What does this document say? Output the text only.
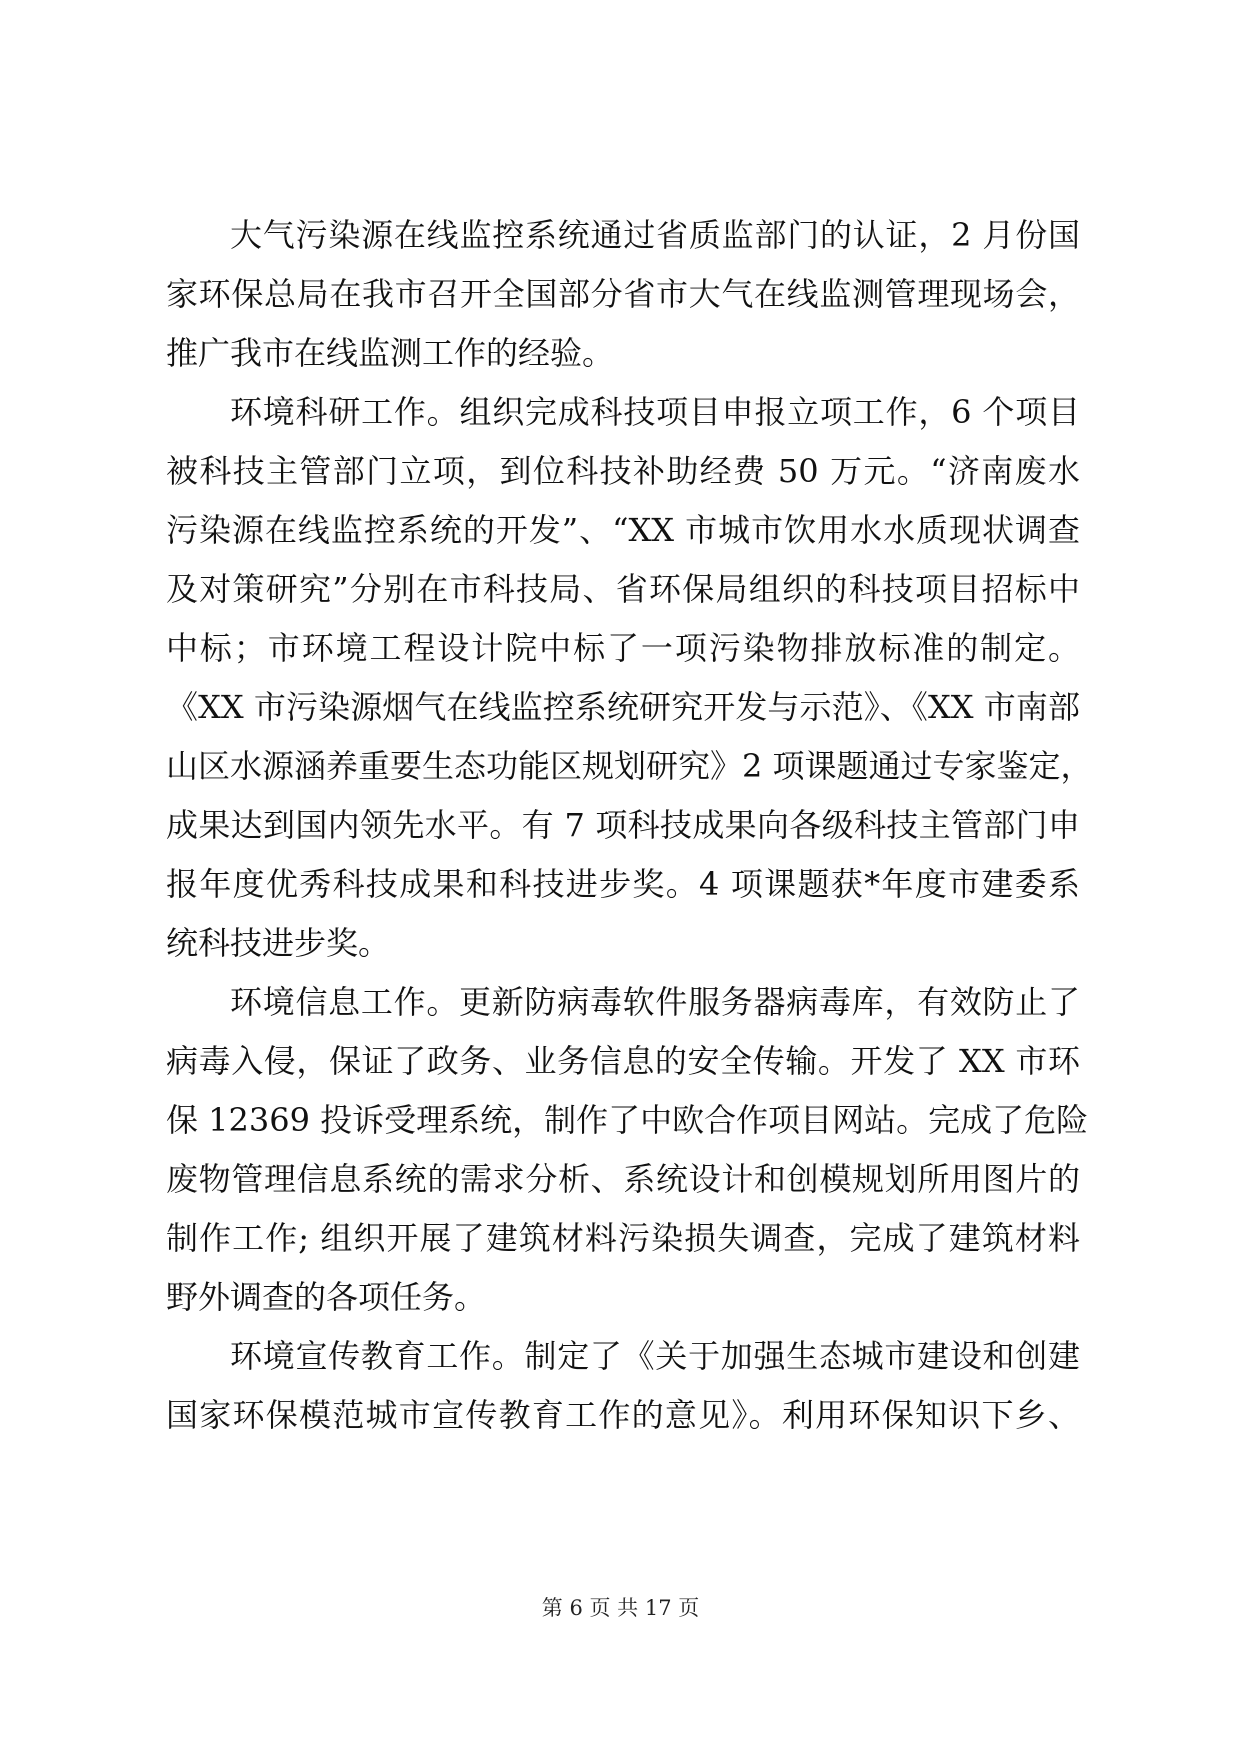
大气污染源在线监控系统通过省质监部门的认证，2 月份国

家环保总局在我市召开全国部分省市大气在线监测管理现场会，

推广我市在线监测工作的经验。

环境科研工作。组织完成科技项目申报立项工作，6 个项目

被科技主管部门立项，到位科技补助经费 50 万元。“济南废水

污染源在线监控系统的开发”、“XX 市城市饮用水水质现状调查

及对策研究”分别在市科技局、省环保局组织的科技项目招标中

中标；市环境工程设计院中标了一项污染物排放标准的制定。

《XX 市污染源烟气在线监控系统研究开发与示范》、《XX 市南部

山区水源涵养重要生态功能区规划研究》2 项课题通过专家鉴定，

成果达到国内领先水平。有 7 项科技成果向各级科技主管部门申

报年度优秀科技成果和科技进步奖。4 项课题获*年度市建委系

统科技进步奖。

环境信息工作。更新防病毒软件服务器病毒库，有效防止了

病毒入侵，保证了政务、业务信息的安全传输。开发了 XX 市环

保 12369 投诉受理系统，制作了中欧合作项目网站。完成了危险

废物管理信息系统的需求分析、系统设计和创模规划所用图片的

制作工作; 组织开展了建筑材料污染损失调查，完成了建筑材料

野外调查的各项任务。

环境宣传教育工作。制定了《关于加强生态城市建设和创建

国家环保模范城市宣传教育工作的意见》。利用环保知识下乡、

第 6 页 共 17 页
